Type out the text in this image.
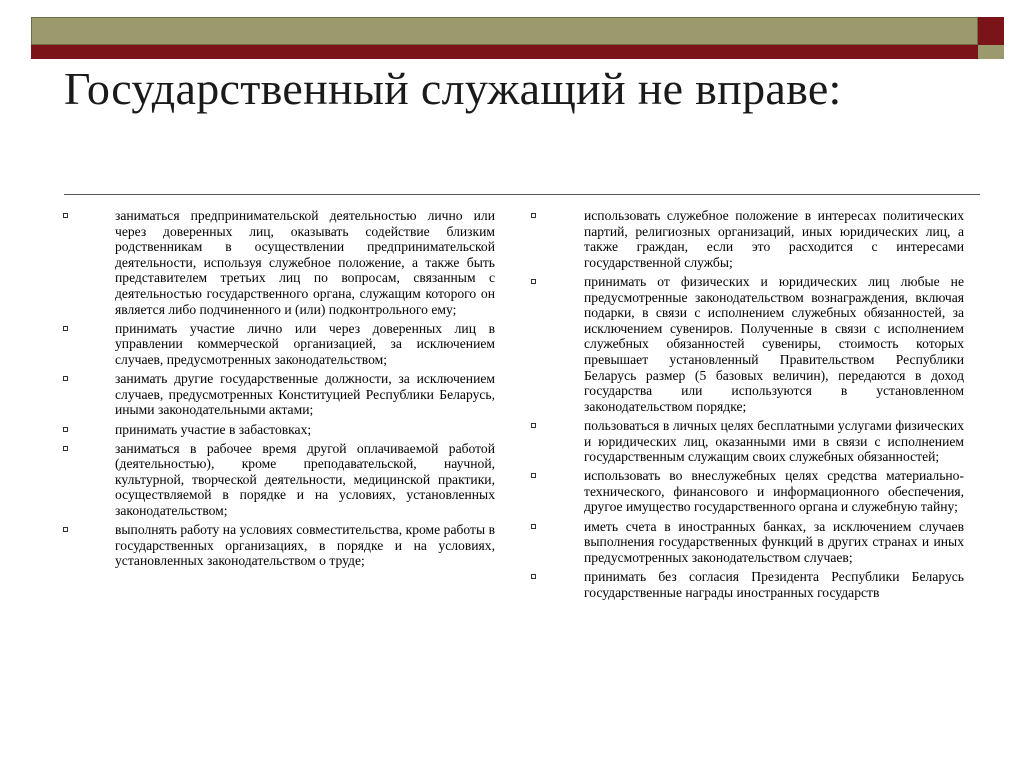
Государственный служащий не вправе:
заниматься предпринимательской деятельностью лично или через доверенных лиц, оказывать содействие близким родственникам в осуществлении предпринимательской деятельности, используя служебное положение, а также быть представителем третьих лиц по вопросам, связанным с деятельностью государственного органа, служащим которого он является либо подчиненного и (или) подконтрольного ему;
принимать участие лично или через доверенных лиц в управлении коммерческой организацией, за исключением случаев, предусмотренных законодательством;
занимать другие государственные должности, за исключением случаев, предусмотренных Конституцией Республики Беларусь, иными законодательными актами;
принимать участие в забастовках;
заниматься в рабочее время другой оплачиваемой работой (деятельностью), кроме преподавательской, научной, культурной, творческой деятельности, медицинской практики, осуществляемой в порядке и на условиях, установленных законодательством;
выполнять работу на условиях совместительства, кроме работы в государственных организациях, в порядке и на условиях, установленных законодательством о труде;
использовать служебное положение в интересах политических партий, религиозных организаций, иных юридических лиц, а также граждан, если это расходится с интересами государственной службы;
принимать от физических и юридических лиц любые не предусмотренные законодательством вознаграждения, включая подарки, в связи с исполнением служебных обязанностей, за исключением сувениров. Полученные в связи с исполнением служебных обязанностей сувениры, стоимость которых превышает установленный Правительством Республики Беларусь размер (5 базовых величин), передаются в доход государства или используются в установленном законодательством порядке;
пользоваться в личных целях бесплатными услугами физических и юридических лиц, оказанными ими в связи с исполнением государственным служащим своих служебных обязанностей;
использовать во внеслужебных целях средства материально-технического, финансового и информационного обеспечения, другое имущество государственного органа и служебную тайну;
иметь счета в иностранных банках, за исключением случаев выполнения государственных функций в других странах и иных предусмотренных законодательством случаев;
принимать без согласия Президента Республики Беларусь государственные награды иностранных государств
